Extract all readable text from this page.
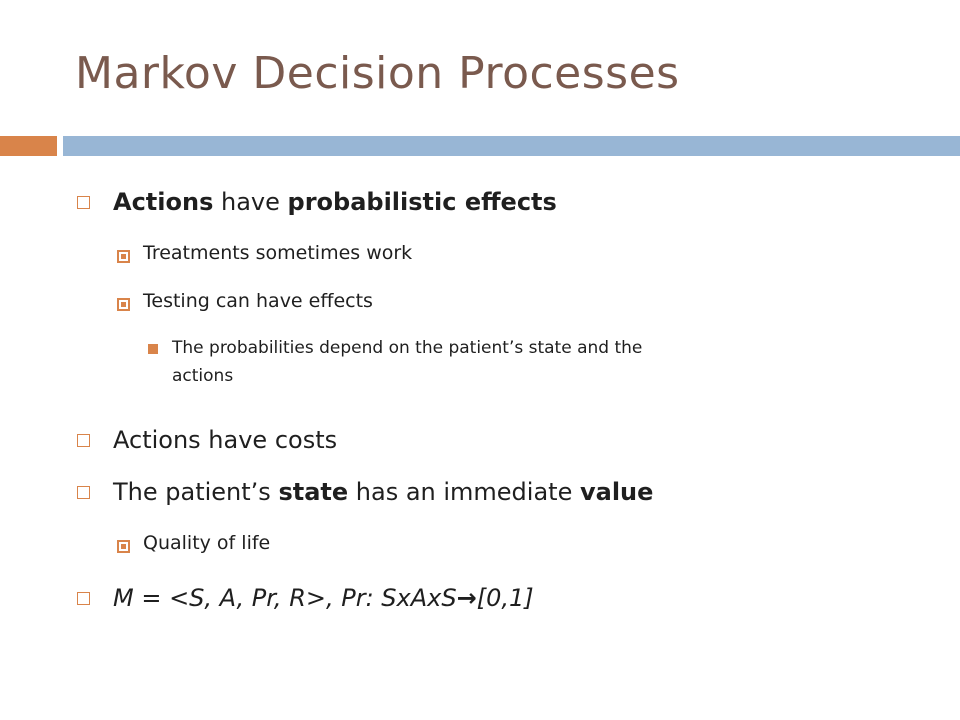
Markov Decision Processes
Actions have probabilistic effects
Treatments sometimes work
Testing can have effects
The probabilities depend on the patient’s state and the
actions
Actions have costs
The patient’s state has an immediate value
Quality of life
M = <S, A, Pr, R>, Pr: SxAxS→[0,1]
